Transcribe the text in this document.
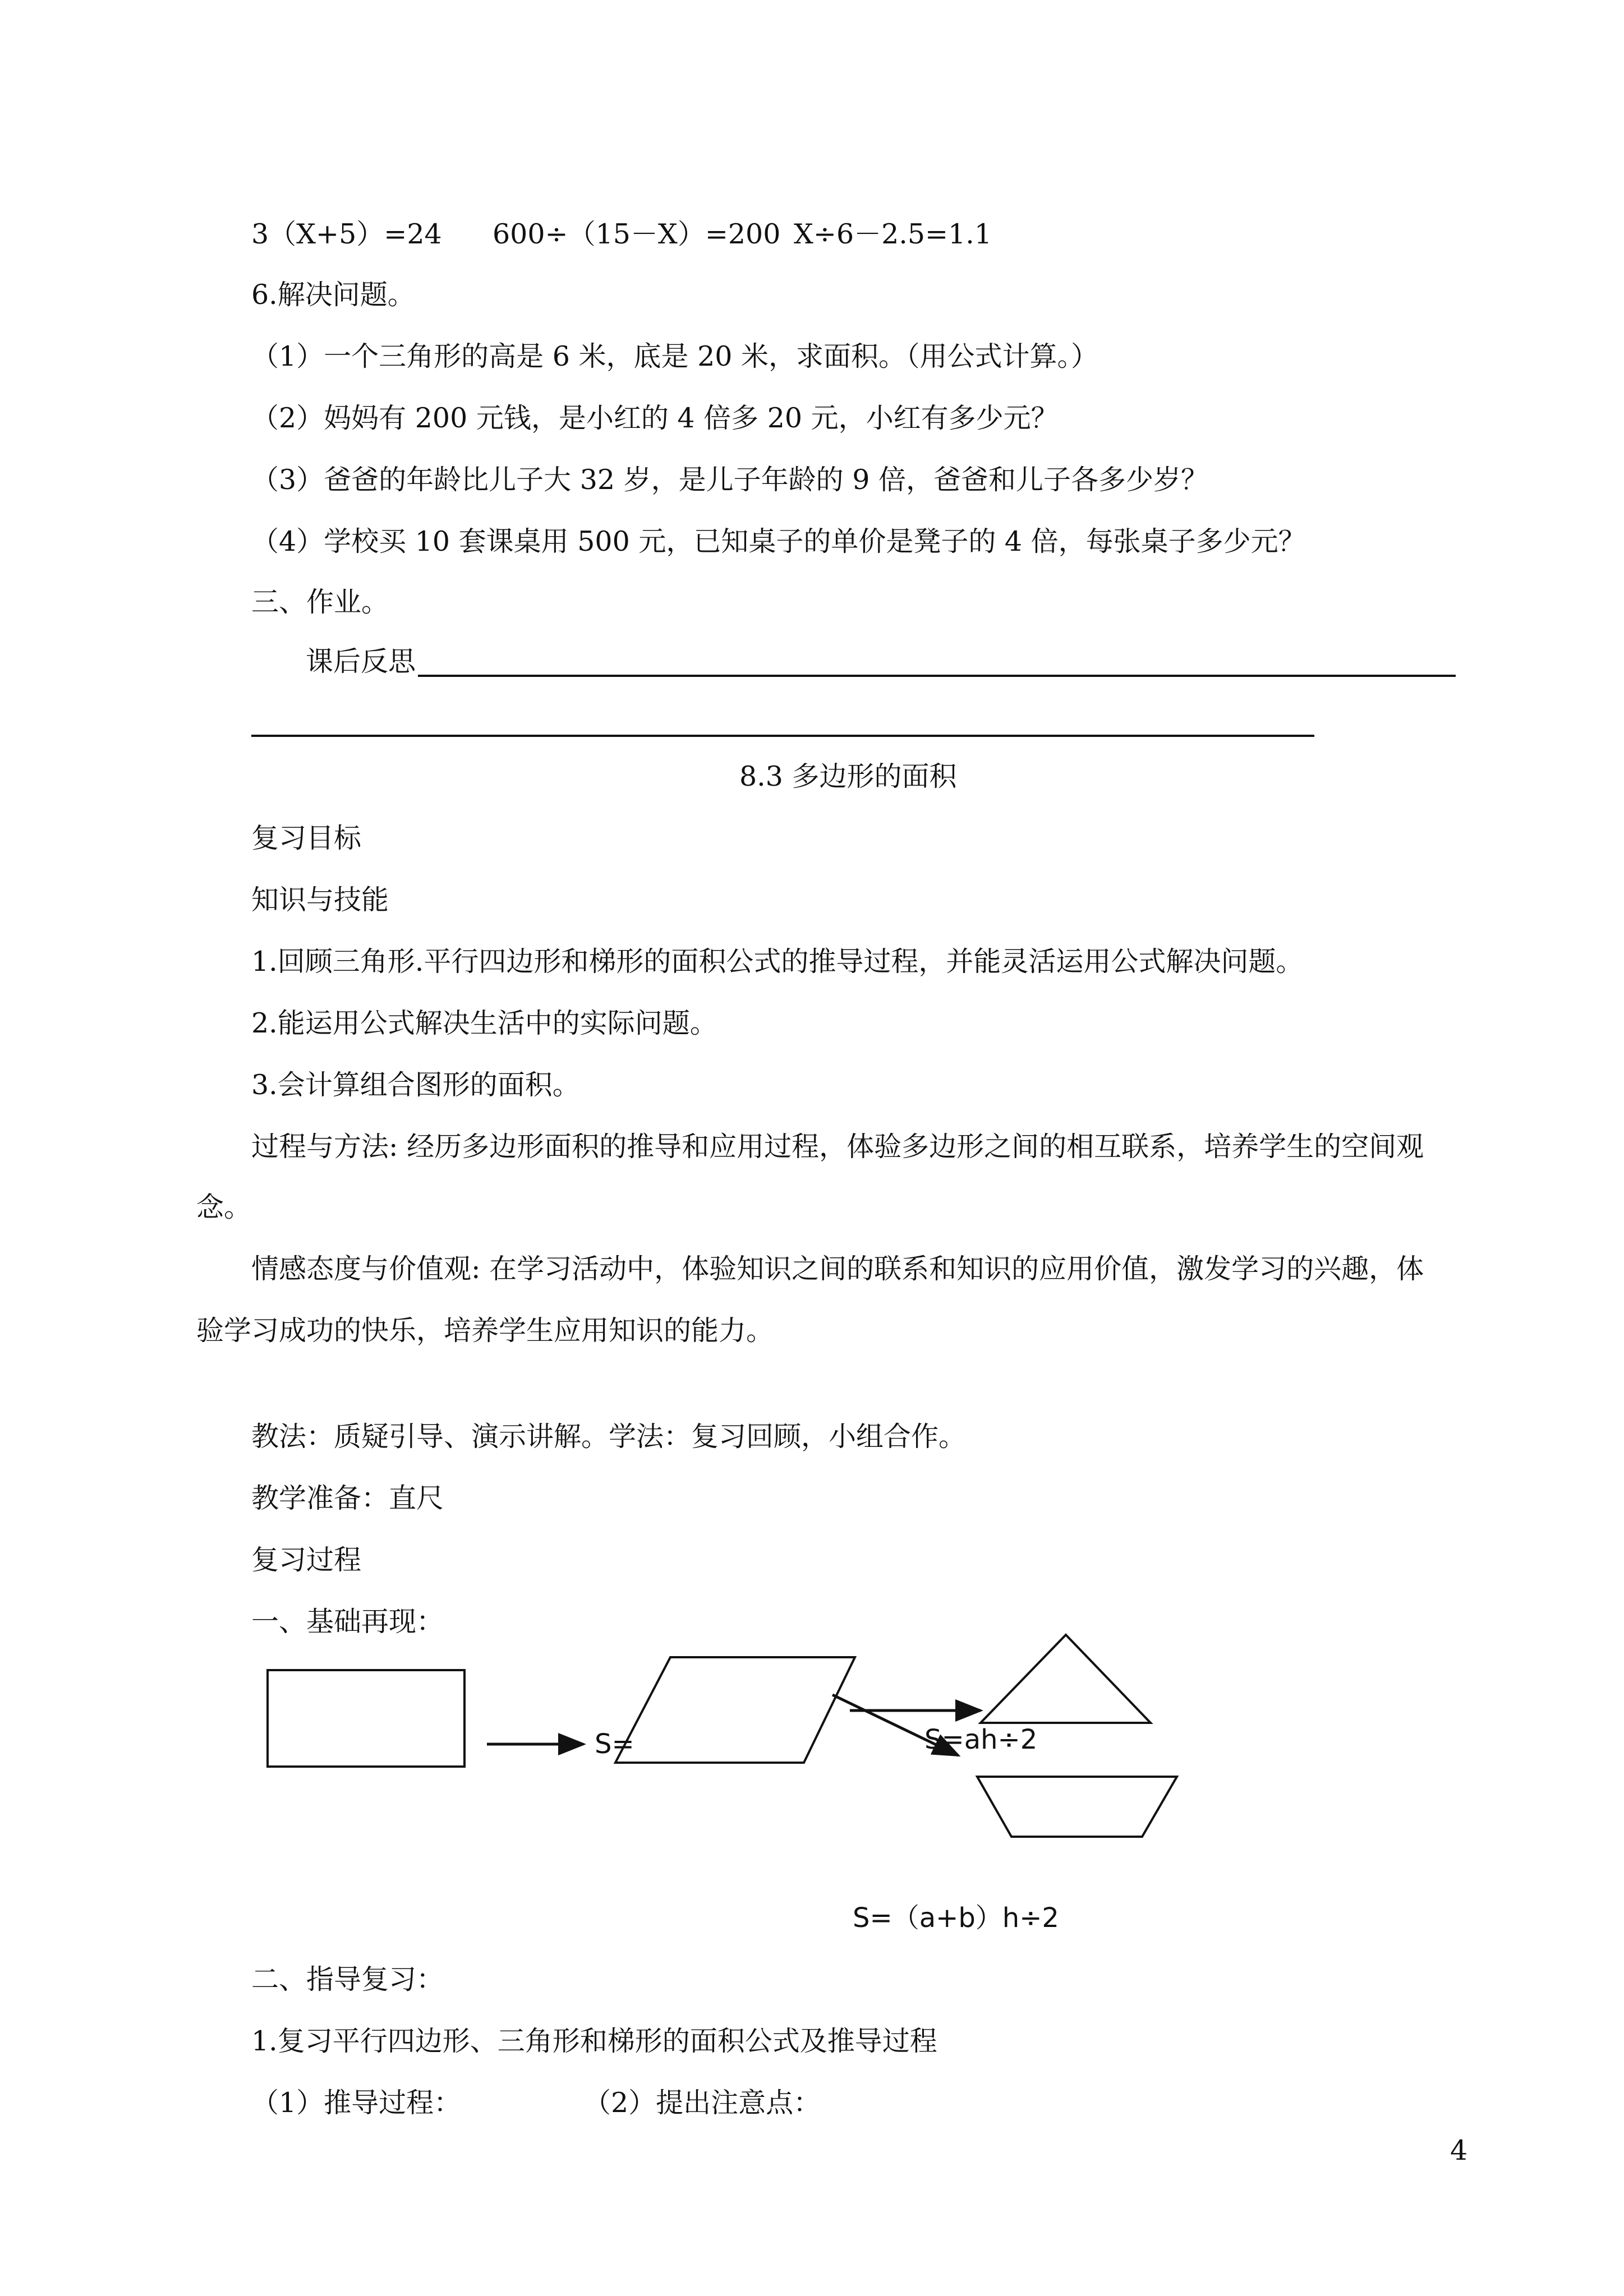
3（X+5）=24 600÷（15－X）=200 X÷6－2.5=1.1
6.解决问题。
（1）一个三角形的高是 6 米，底是 20 米，求面积。（用公式计算。）
（2）妈妈有 200 元钱，是小红的 4 倍多 20 元，小红有多少元？
（3）爸爸的年龄比儿子大 32 岁，是儿子年龄的 9 倍，爸爸和儿子各多少岁？
（4）学校买 10 套课桌用 500 元，已知桌子的单价是凳子的 4 倍，每张桌子多少元？
三、作业。
课后反思
8.3 多边形的面积
复习目标
知识与技能
1.回顾三角形.平行四边形和梯形的面积公式的推导过程，并能灵活运用公式解决问题。
2.能运用公式解决生活中的实际问题。
3.会计算组合图形的面积。
过程与方法: 经历多边形面积的推导和应用过程，体验多边形之间的相互联系，培养学生的空间观
念。
情感态度与价值观: 在学习活动中，体验知识之间的联系和知识的应用价值，激发学习的兴趣，体
验学习成功的快乐，培养学生应用知识的能力。
教法：质疑引导、演示讲解。学法：复习回顾，小组合作。
教学准备：直尺
复习过程
一、基础再现：
S=	S=ah÷2
S=（a+b）h÷2
二、指导复习：
1.复习平行四边形、三角形和梯形的面积公式及推导过程
（1）推导过程：	（2）提出注意点：
4
